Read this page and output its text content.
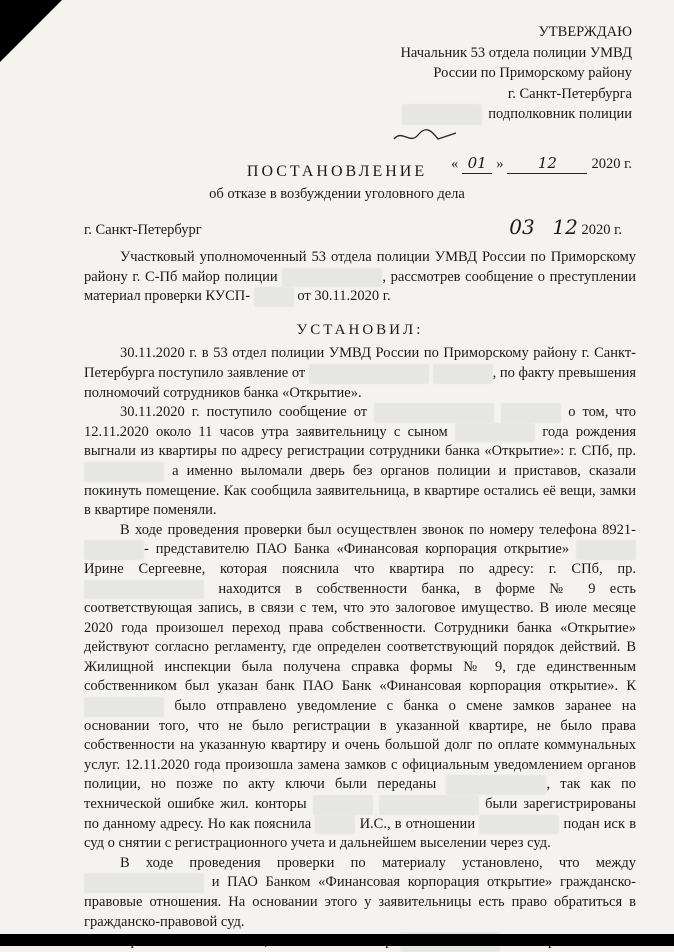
УТВЕРЖДАЮ
Начальник 53 отдела полиции УМВД
России по Приморскому району
г. Санкт-Петербурга
подполковник полиции
« 01 »	12	2020 г.
ПОСТАНОВЛЕНИЕ
об отказе в возбуждении уголовного дела
г. Санкт-Петербург	03 12 2020 г.

Участковый уполномоченный 53 отдела полиции УМВД России по Приморскому району г. С-Пб майор полиции	, рассмотрев сообщение о преступлении материал проверки КУСП-	от 30.11.2020 г.

УСТАНОВИЛ:

30.11.2020 г. в 53 отдел полиции УМВД России по Приморскому району г. Санкт-Петербурга поступило заявление от	, по факту превышения полномочий сотрудников банка «Открытие».

30.11.2020 г. поступило сообщение от	о том, что 12.11.2020 около 11 часов утра заявительницу с сыном	года рождения выгнали из квартиры по адресу регистрации сотрудники банка «Открытие»: г. СПб, пр.  а именно выломали дверь без органов полиции и приставов, сказали покинуть помещение. Как сообщила заявительница, в квартире остались её вещи, замки в квартире поменяли.

В ходе проведения проверки был осуществлен звонок по номеру телефона 8921-- представителю ПАО Банка «Финансовая корпорация открытие»  Ирине Сергеевне, которая пояснила что квартира по адресу: г. СПб, пр.  находится в собственности банка, в форме № 9 есть соответствующая запись, в связи с тем, что это залоговое имущество. В июле месяце 2020 года произошел переход права собственности. Сотрудники банка «Открытие» действуют согласно регламенту, где определен соответствующий порядок действий. В Жилищной инспекции была получена справка формы № 9, где единственным собственником был указан банк ПАО Банк «Финансовая корпорация открытие». К было отправлено уведомление с банка о смене замков заранее на основании того, что не было регистрации в указанной квартире, не было права собственности на указанную квартиру и очень большой долг по оплате коммунальных услуг. 12.11.2020 года произошла замена замков с официальным уведомлением органов полиции, но позже по акту ключи были переданы	, так как по технической ошибке жил. конторы	были зарегистрированы по данному адресу. Но как пояснила	И.С., в отношении	подан иск в суд о снятии с регистрационного учета и дальнейшем выселении через суд.

В ходе проведения проверки по материалу установлено, что между  и ПАО Банком «Финансовая корпорация открытие» гражданско-правовые отношения. На основании этого у заявительницы есть право обратиться в гражданско-правовой суд.
